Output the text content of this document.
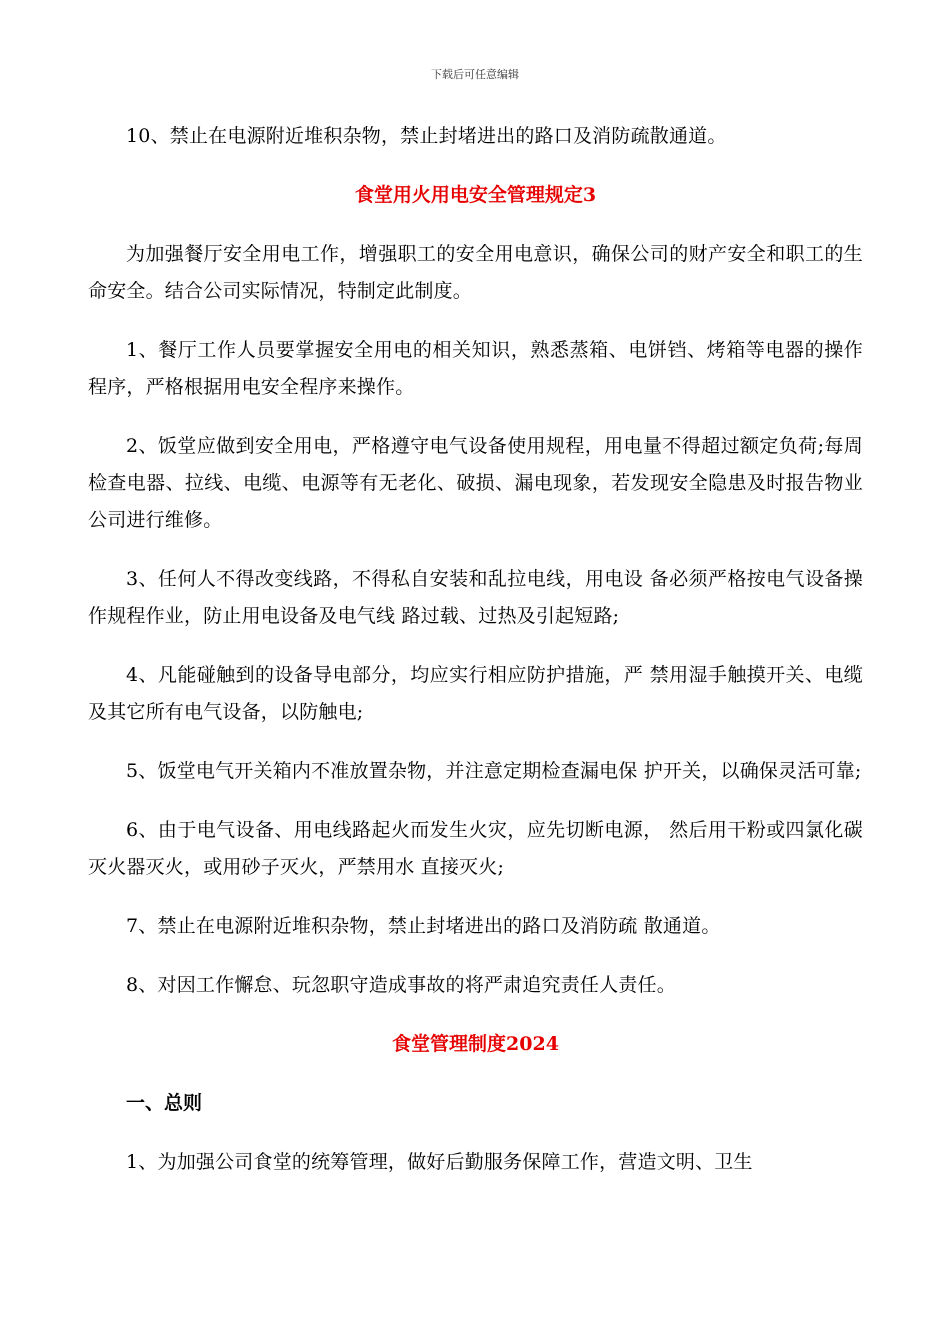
下载后可任意编辑

10、禁止在电源附近堆积杂物，禁止封堵进出的路口及消防疏散通道。

食堂用火用电安全管理规定3

为加强餐厅安全用电工作，增强职工的安全用电意识，确保公司的财产安全和职工的生命安全。结合公司实际情况，特制定此制度。

1、餐厅工作人员要掌握安全用电的相关知识，熟悉蒸箱、电饼铛、烤箱等电器的操作程序，严格根据用电安全程序来操作。

2、饭堂应做到安全用电，严格遵守电气设备使用规程，用电量不得超过额定负荷;每周检查电器、拉线、电缆、电源等有无老化、破损、漏电现象，若发现安全隐患及时报告物业公司进行维修。

3、任何人不得改变线路，不得私自安装和乱拉电线，用电设 备必须严格按电气设备操作规程作业，防止用电设备及电气线 路过载、过热及引起短路;

4、凡能碰触到的设备导电部分，均应实行相应防护措施，严 禁用湿手触摸开关、电缆及其它所有电气设备，以防触电;

5、饭堂电气开关箱内不准放置杂物，并注意定期检查漏电保 护开关，以确保灵活可靠;

6、由于电气设备、用电线路起火而发生火灾，应先切断电源， 然后用干粉或四氯化碳灭火器灭火，或用砂子灭火，严禁用水 直接灭火;

7、禁止在电源附近堆积杂物，禁止封堵进出的路口及消防疏 散通道。

8、对因工作懈怠、玩忽职守造成事故的将严肃追究责任人责任。

食堂管理制度2024
一、总则

1、为加强公司食堂的统筹管理，做好后勤服务保障工作，营造文明、卫生
